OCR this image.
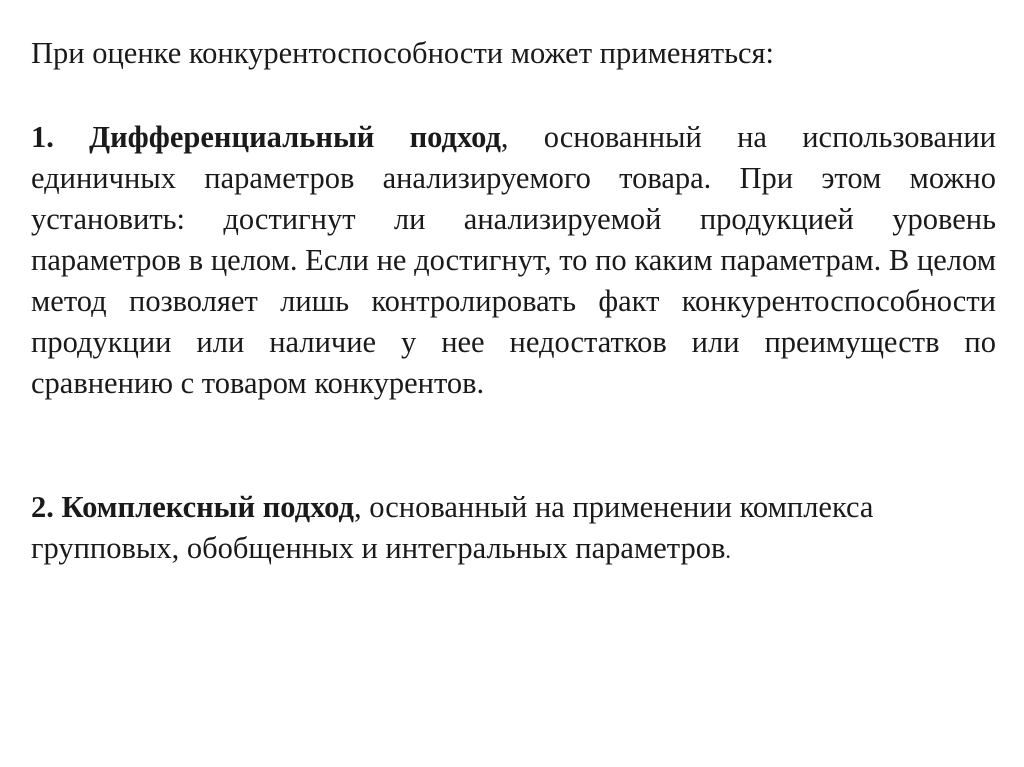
При оценке конкурентоспособности может применяться:
1. Дифференциальный подход, основанный на использовании единичных параметров анализируемого товара. При этом можно установить: достигнут ли анализируемой продукцией уровень параметров в целом. Если не достигнут, то по каким параметрам. В целом метод позволяет лишь контролировать факт конкурентоспособности продукции или наличие у нее недостатков или преимуществ по сравнению с товаром конкурентов.
2. Комплексный подход, основанный на применении комплекса групповых, обобщенных и интегральных параметров.
